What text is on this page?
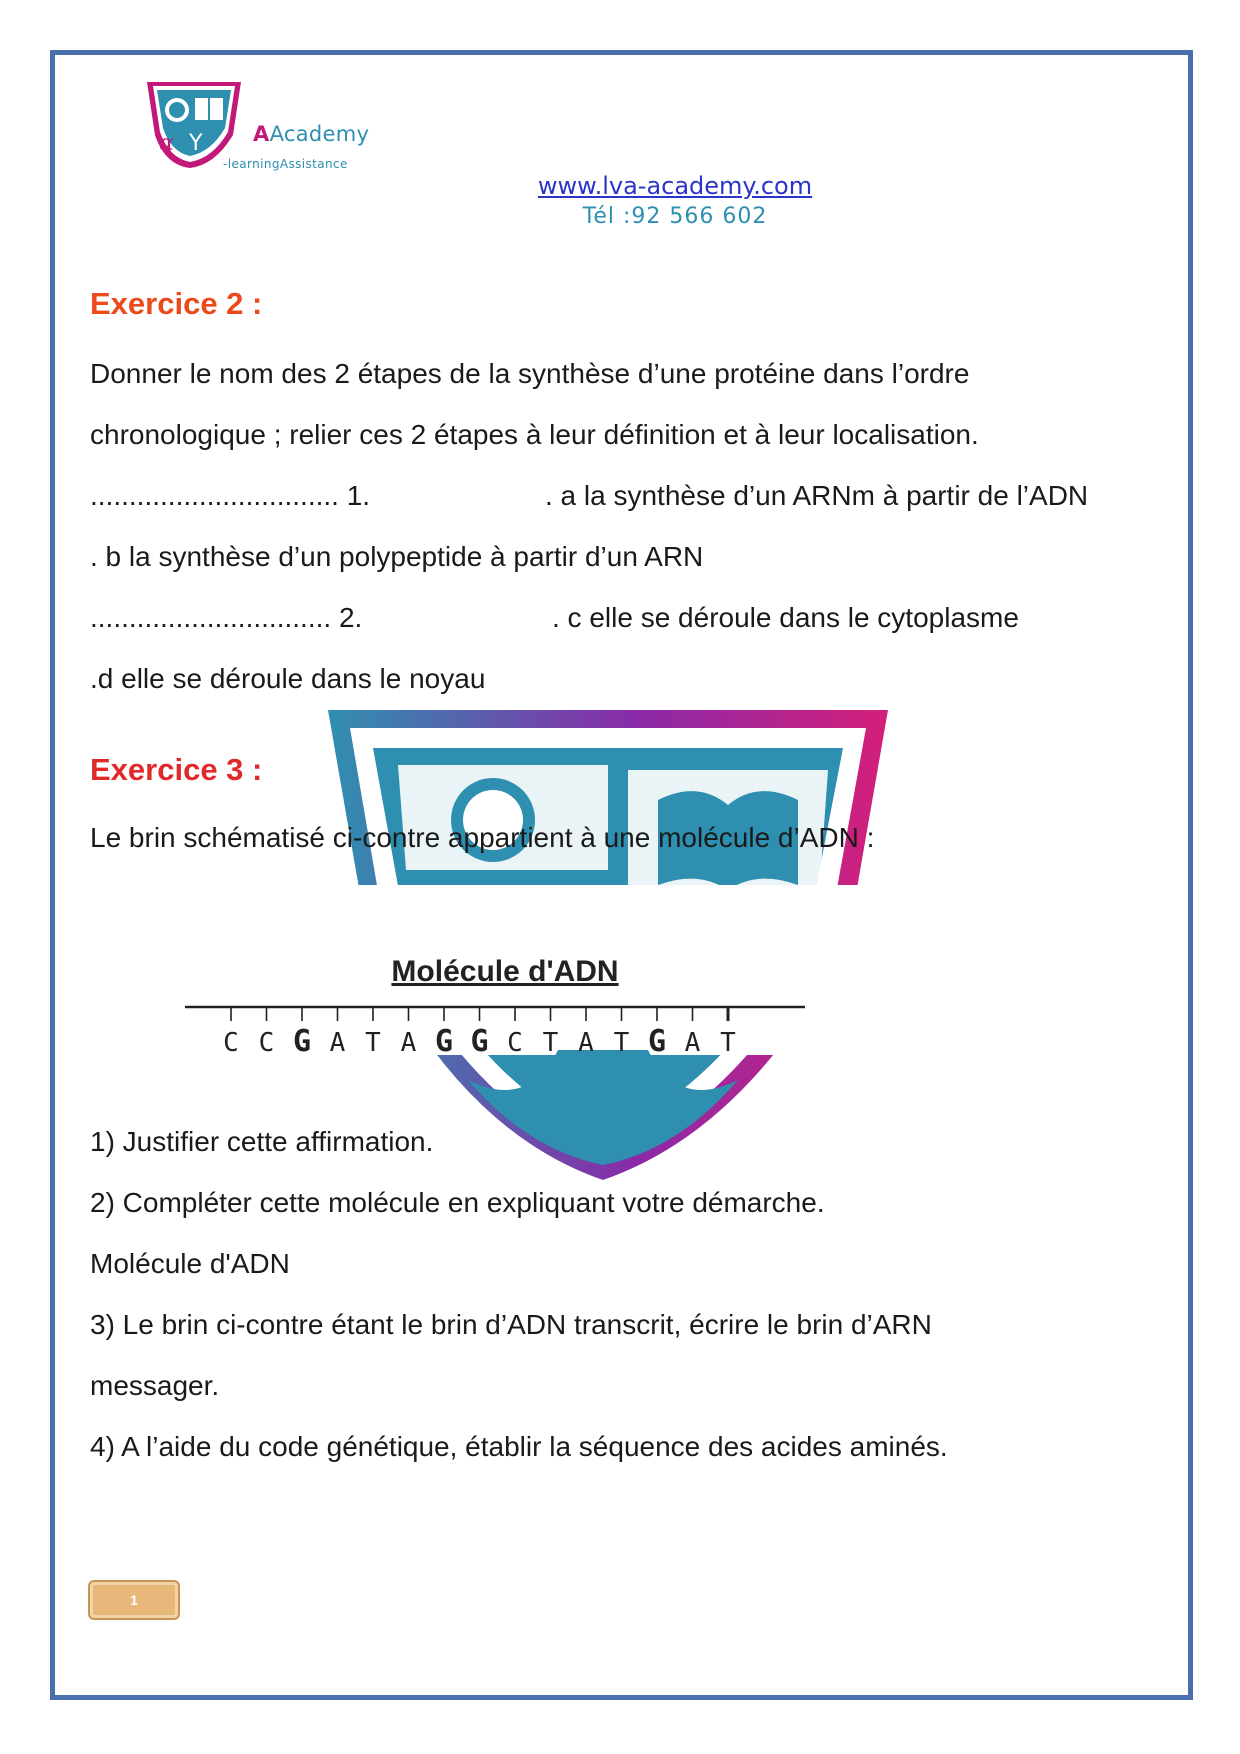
α Y AAcademy
-learningAssistance
www.lva-academy.com
Tél :92 566 602
Exercice 2 :
Donner le nom des 2 étapes de la synthèse d’une protéine dans l’ordre
chronologique ; relier ces 2 étapes à leur définition et à leur localisation.
................................ 1.	. a la synthèse d’un ARNm à partir de l’ADN
. b la synthèse d’un polypeptide à partir d’un ARN
............................... 2.	. c elle se déroule dans le cytoplasme
.d elle se déroule dans le noyau
Exercice 3 :
Le brin schématisé ci-contre appartient à une molécule d’ADN :
Molécule d'ADN
C C G A T A G G C T A T G A T
1) Justifier cette affirmation.
2) Compléter cette molécule en expliquant votre démarche.
Molécule d'ADN
3) Le brin ci-contre étant le brin d’ADN transcrit, écrire le brin d’ARN
messager.
4) A l’aide du code génétique, établir la séquence des acides aminés.
1
